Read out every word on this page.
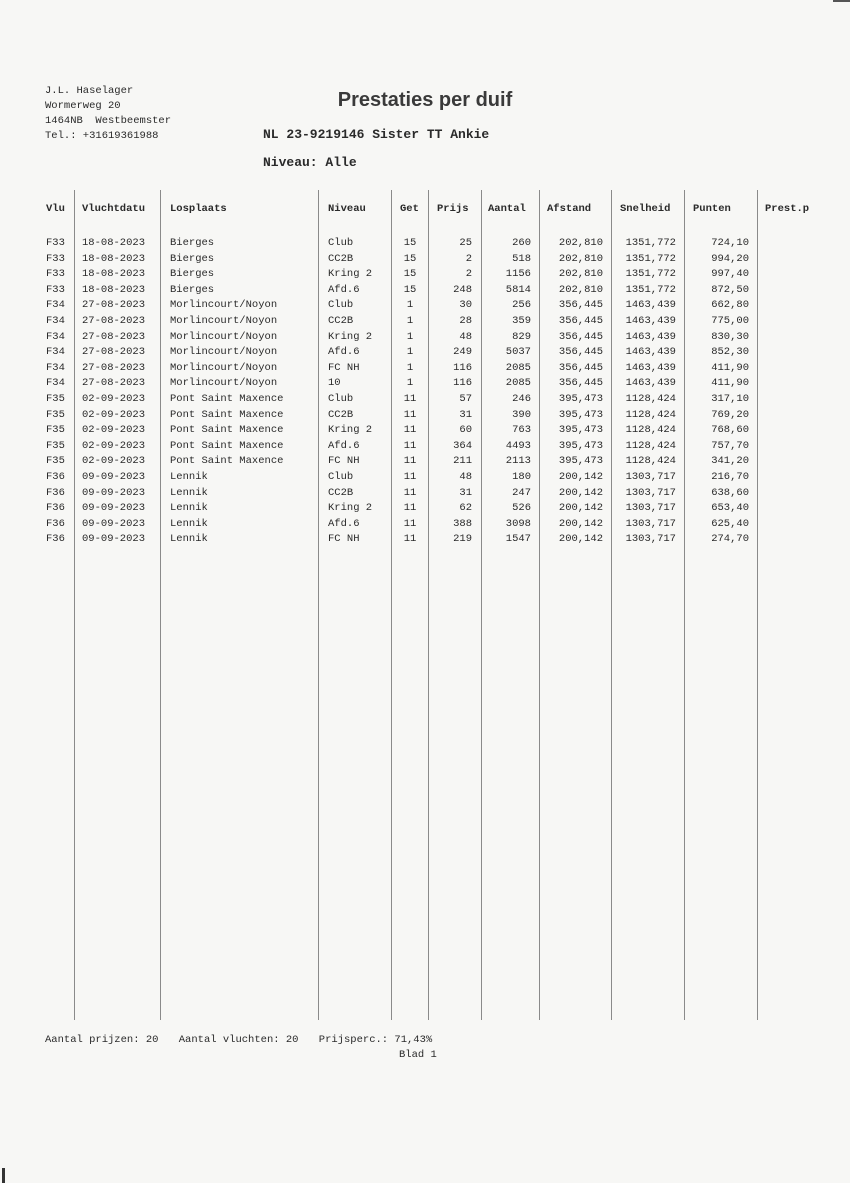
J.L. Haselager
Wormerweg 20
1464NB  Westbeemster
Tel.: +31619361988
Prestaties per duif
NL 23-9219146 Sister TT Ankie
Niveau: Alle
Vlu Vluchtdatu Losplaats	Niveau	Get Prijs Aantal Afstand	Snelheid Punten	Prest.p
F33	18-08-2023	Bierges	Club	15	25	260	202,810	1351,772	724,10
F33	18-08-2023	Bierges	CC2B	15	2	518	202,810	1351,772	994,20
F33	18-08-2023	Bierges	Kring 2	15	2	1156	202,810	1351,772	997,40
F33	18-08-2023	Bierges	Afd.6	15	248	5814	202,810	1351,772	872,50
F34	27-08-2023	Morlincourt/Noyon	Club	1	30	256	356,445	1463,439	662,80
F34	27-08-2023	Morlincourt/Noyon	CC2B	1	28	359	356,445	1463,439	775,00
F34	27-08-2023	Morlincourt/Noyon	Kring 2	1	48	829	356,445	1463,439	830,30
F34	27-08-2023	Morlincourt/Noyon	Afd.6	1	249	5037	356,445	1463,439	852,30
F34	27-08-2023	Morlincourt/Noyon	FC NH	1	116	2085	356,445	1463,439	411,90
F34	27-08-2023	Morlincourt/Noyon	10	1	116	2085	356,445	1463,439	411,90
F35	02-09-2023	Pont Saint Maxence	Club	11	57	246	395,473	1128,424	317,10
F35	02-09-2023	Pont Saint Maxence	CC2B	11	31	390	395,473	1128,424	769,20
F35	02-09-2023	Pont Saint Maxence	Kring 2	11	60	763	395,473	1128,424	768,60
F35	02-09-2023	Pont Saint Maxence	Afd.6	11	364	4493	395,473	1128,424	757,70
F35	02-09-2023	Pont Saint Maxence	FC NH	11	211	2113	395,473	1128,424	341,20
F36	09-09-2023	Lennik	Club	11	48	180	200,142	1303,717	216,70
F36	09-09-2023	Lennik	CC2B	11	31	247	200,142	1303,717	638,60
F36	09-09-2023	Lennik	Kring 2	11	62	526	200,142	1303,717	653,40
F36	09-09-2023	Lennik	Afd.6	11	388	3098	200,142	1303,717	625,40
F36	09-09-2023	Lennik	FC NH	11	219	1547	200,142	1303,717	274,70
Aantal prijzen: 20 Aantal vluchten: 20 Prijsperc.: 71,43%
Blad 1
